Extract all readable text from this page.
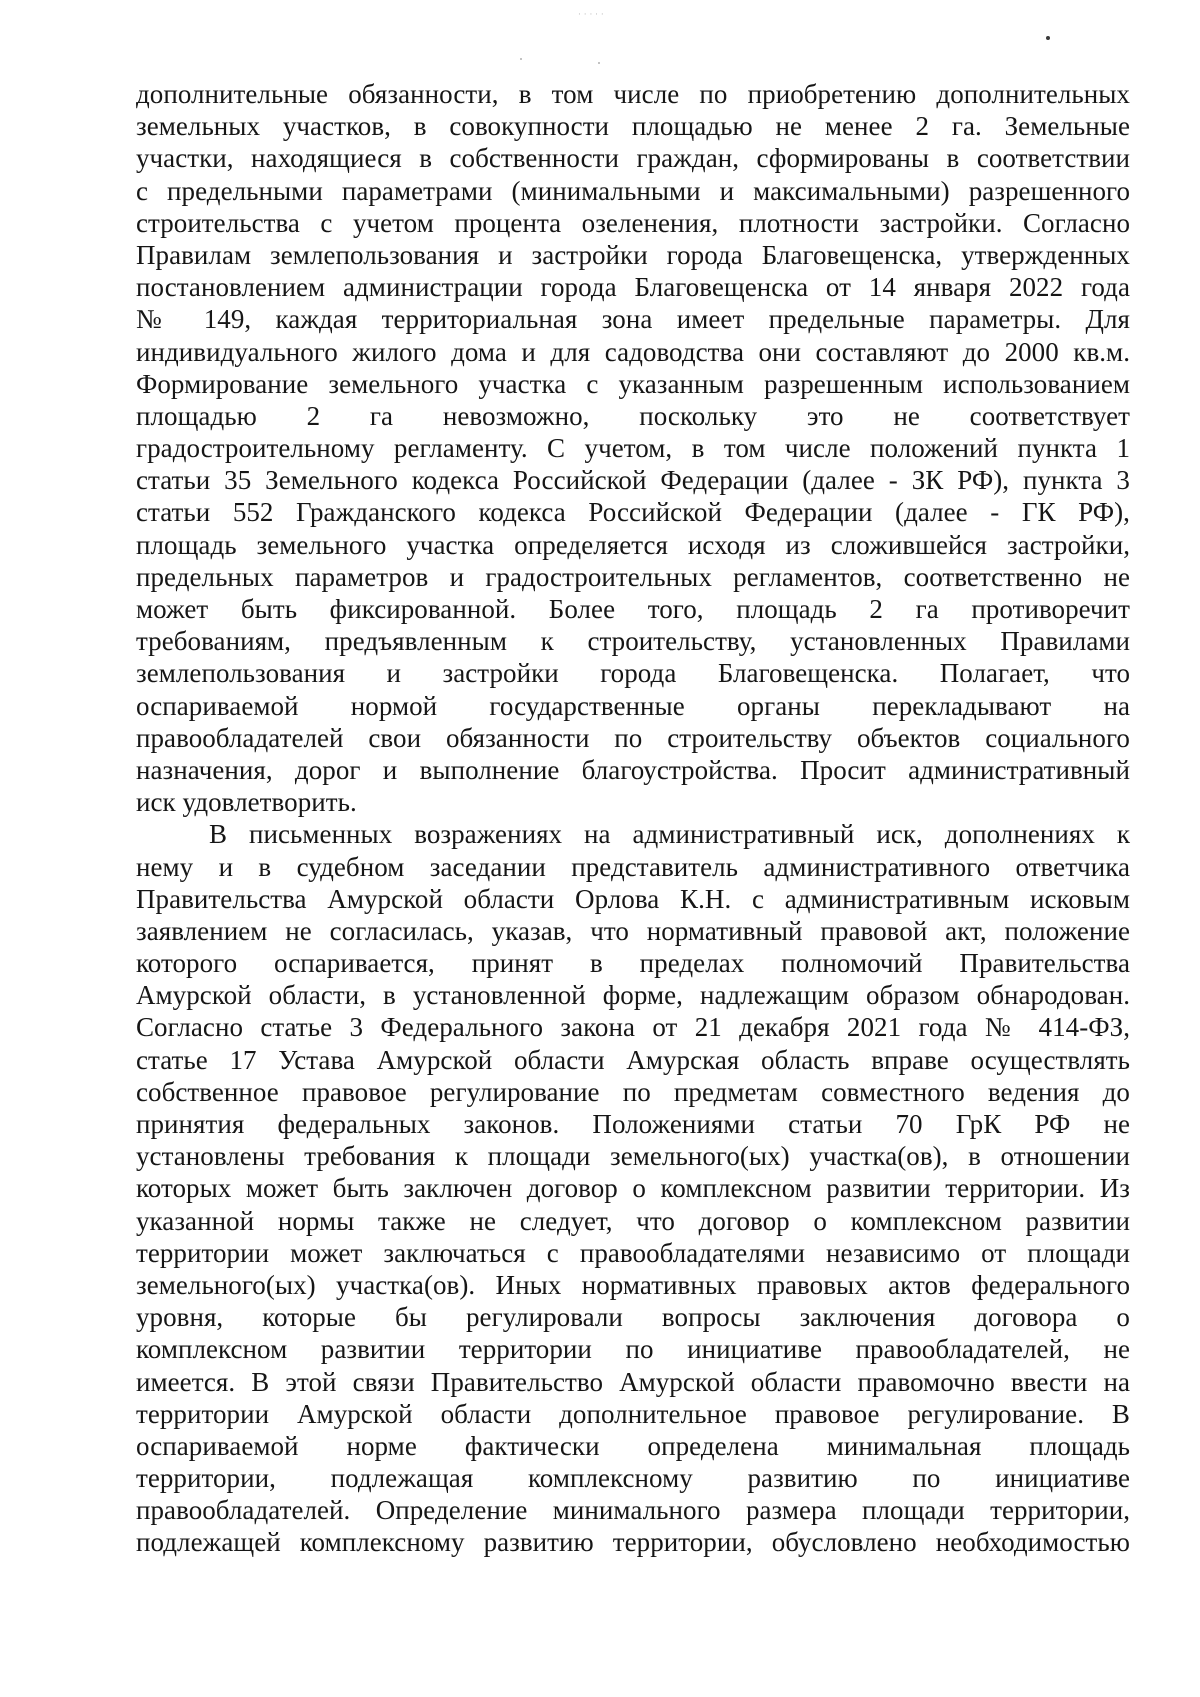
· · · · ·
дополнительные обязанности, в том числе по приобретению дополнительных
земельных участков, в совокупности площадью не менее 2 га. Земельные
участки, находящиеся в собственности граждан, сформированы в соответствии
с предельными параметрами (минимальными и максимальными) разрешенного
строительства с учетом процента озеленения, плотности застройки. Согласно
Правилам землепользования и застройки города Благовещенска, утвержденных
постановлением администрации города Благовещенска от 14 января 2022 года
№ 149, каждая территориальная зона имеет предельные параметры. Для
индивидуального жилого дома и для садоводства они составляют до 2000 кв.м.
Формирование земельного участка с указанным разрешенным использованием
площадью 2 га невозможно, поскольку это не соответствует
градостроительному регламенту. С учетом, в том числе положений пункта 1
статьи 35 Земельного кодекса Российской Федерации (далее - ЗК РФ), пункта 3
статьи 552 Гражданского кодекса Российской Федерации (далее - ГК РФ),
площадь земельного участка определяется исходя из сложившейся застройки,
предельных параметров и градостроительных регламентов, соответственно не
может быть фиксированной. Более того, площадь 2 га противоречит
требованиям, предъявленным к строительству, установленных Правилами
землепользования и застройки города Благовещенска. Полагает, что
оспариваемой нормой государственные органы перекладывают на
правообладателей свои обязанности по строительству объектов социального
назначения, дорог и выполнение благоустройства. Просит административный
иск удовлетворить.
В письменных возражениях на административный иск, дополнениях к
нему и в судебном заседании представитель административного ответчика
Правительства Амурской области Орлова К.Н. с административным исковым
заявлением не согласилась, указав, что нормативный правовой акт, положение
которого оспаривается, принят в пределах полномочий Правительства
Амурской области, в установленной форме, надлежащим образом обнародован.
Согласно статье 3 Федерального закона от 21 декабря 2021 года № 414-ФЗ,
статье 17 Устава Амурской области Амурская область вправе осуществлять
собственное правовое регулирование по предметам совместного ведения до
принятия федеральных законов. Положениями статьи 70 ГрК РФ не
установлены требования к площади земельного(ых) участка(ов), в отношении
которых может быть заключен договор о комплексном развитии территории. Из
указанной нормы также не следует, что договор о комплексном развитии
территории может заключаться с правообладателями независимо от площади
земельного(ых) участка(ов). Иных нормативных правовых актов федерального
уровня, которые бы регулировали вопросы заключения договора о
комплексном развитии территории по инициативе правообладателей, не
имеется. В этой связи Правительство Амурской области правомочно ввести на
территории Амурской области дополнительное правовое регулирование. В
оспариваемой норме фактически определена минимальная площадь
территории, подлежащая комплексному развитию по инициативе
правообладателей. Определение минимального размера площади территории,
подлежащей комплексному развитию территории, обусловлено необходимостью
